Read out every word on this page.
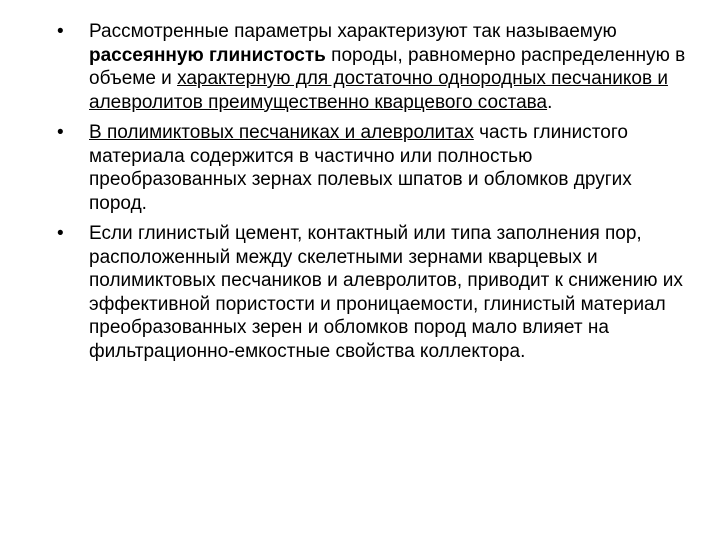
• Рассмотренные параметры характеризуют так называемую рассеянную глинистость породы, равномерно распределенную в объеме и характерную для достаточно однородных песчаников и алевролитов преимущественно кварцевого состава.
• В полимиктовых песчаниках и алевролитах часть глинистого материала содержится в частично или полностью преобразованных зернах полевых шпатов и обломков других пород.
• Если глинистый цемент, контактный или типа заполнения пор, расположенный между скелетными зернами кварцевых и полимиктовых песчаников и алевролитов, приводит к снижению их эффективной пористости и проницаемости, глинистый материал преобразованных зерен и обломков пород мало влияет на фильтрационно-емкостные свойства коллектора.
